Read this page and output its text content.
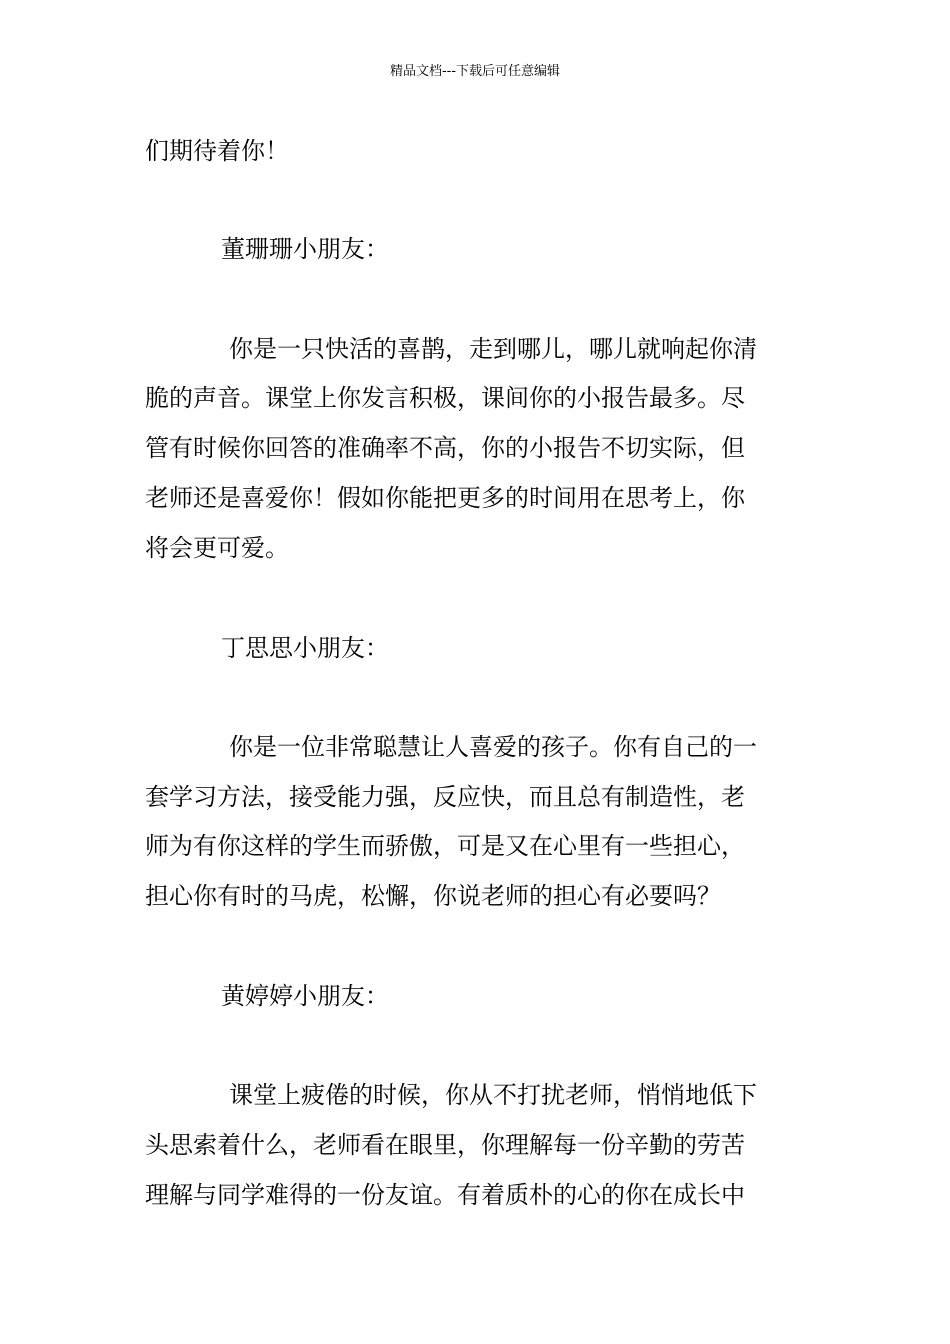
精品文档---下载后可任意编辑
们期待着你！
董珊珊小朋友：
你是一只快活的喜鹊，走到哪儿，哪儿就响起你清
脆的声音。课堂上你发言积极，课间你的小报告最多。尽
管有时候你回答的准确率不高，你的小报告不切实际，但
老师还是喜爱你！假如你能把更多的时间用在思考上，你
将会更可爱。
丁思思小朋友：
你是一位非常聪慧让人喜爱的孩子。你有自己的一
套学习方法，接受能力强，反应快，而且总有制造性，老
师为有你这样的学生而骄傲，可是又在心里有一些担心，
担心你有时的马虎，松懈，你说老师的担心有必要吗？
黄婷婷小朋友：
课堂上疲倦的时候，你从不打扰老师，悄悄地低下
头思索着什么，老师看在眼里，你理解每一份辛勤的劳苦
理解与同学难得的一份友谊。有着质朴的心的你在成长中
